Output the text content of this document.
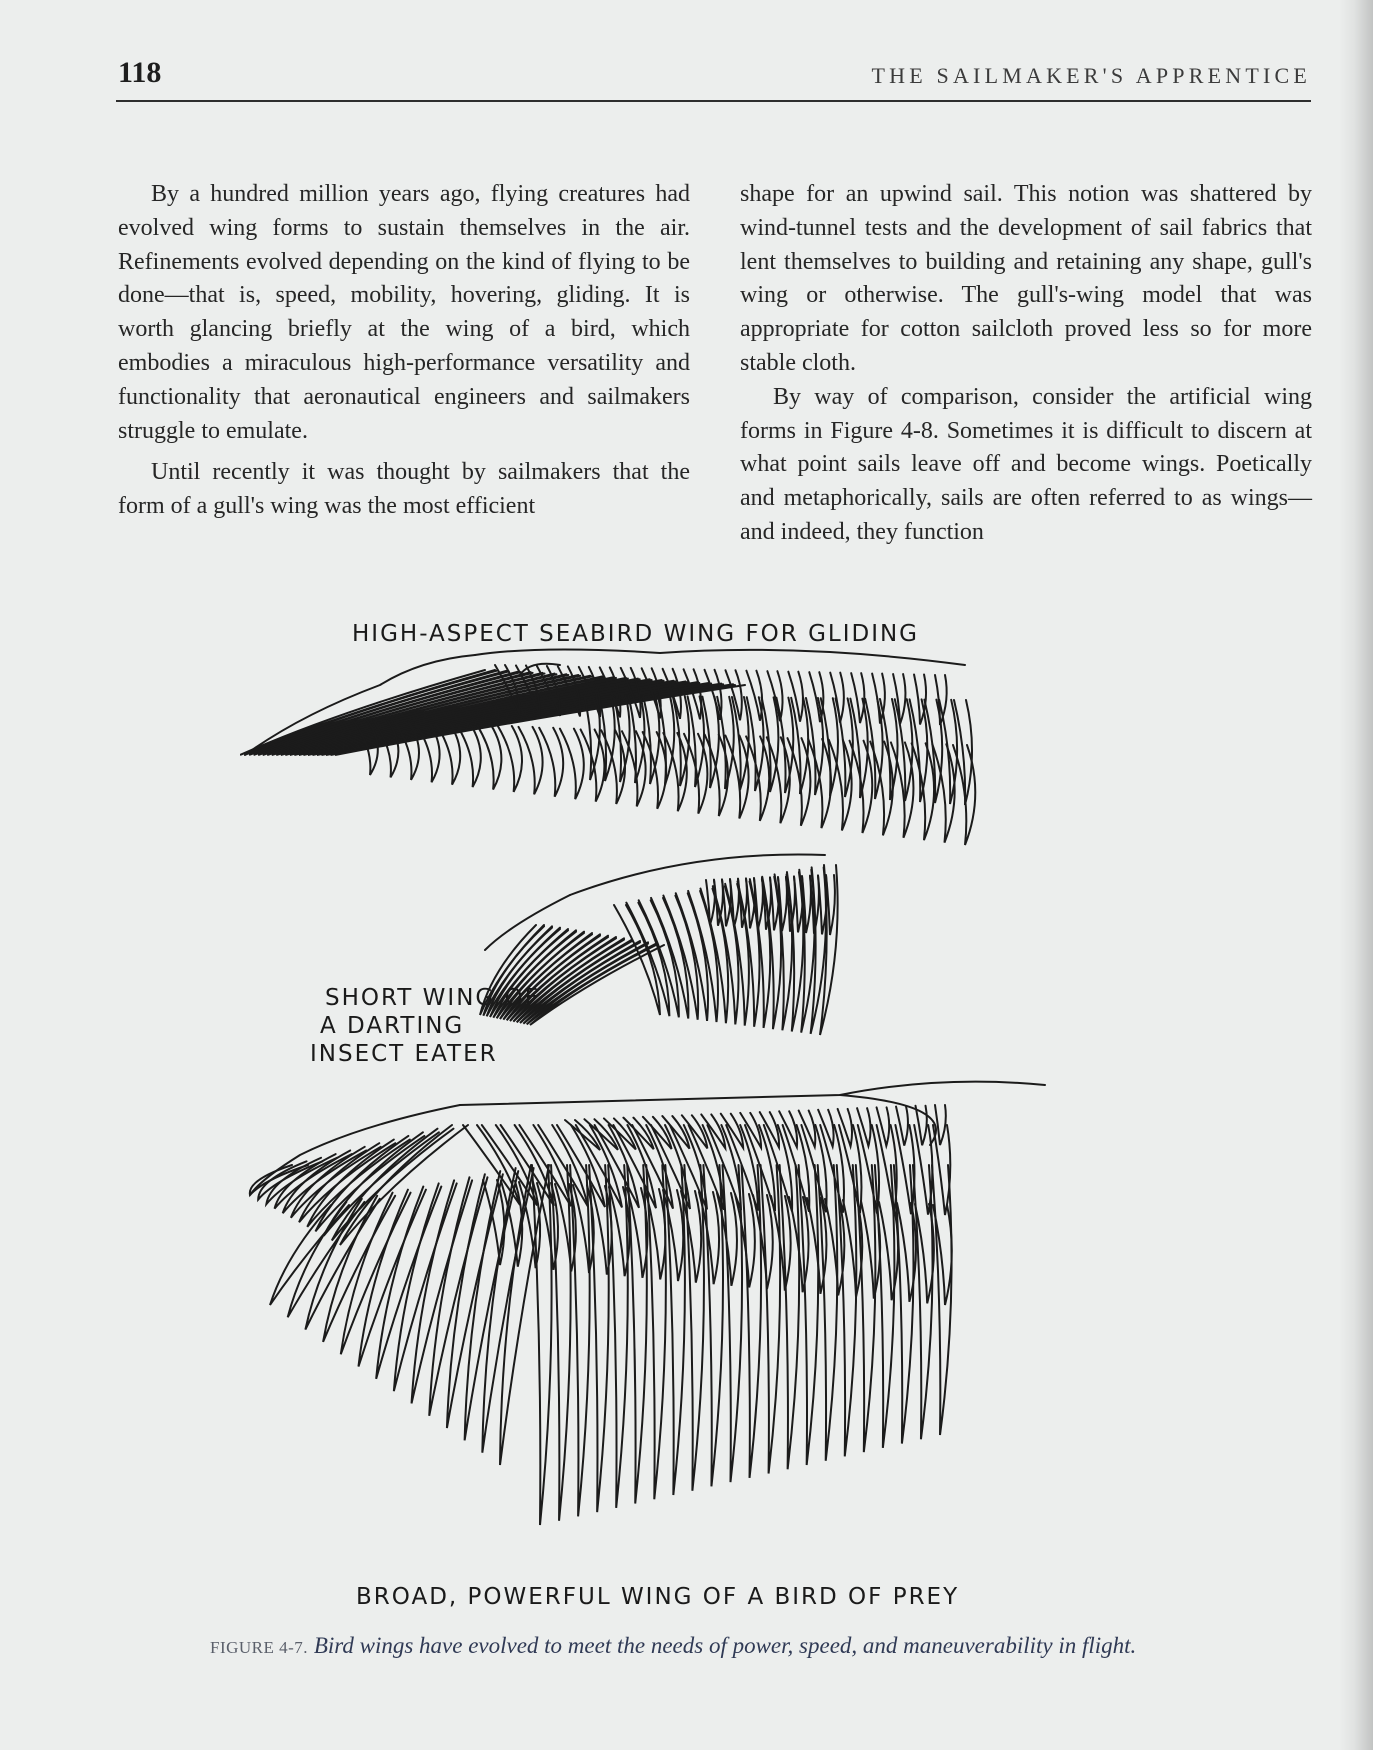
118	THE SAILMAKER'S APPRENTICE

By a hundred million years ago, flying creatures had evolved wing forms to sustain themselves in the air. Refinements evolved depending on the kind of flying to be done—that is, speed, mobility, hovering, gliding. It is worth glancing briefly at the wing of a bird, which embodies a miraculous high-performance versatility and functionality that aeronautical engineers and sailmakers struggle to emulate.

Until recently it was thought by sailmakers that the form of a gull's wing was the most efficient

shape for an upwind sail. This notion was shattered by wind-tunnel tests and the development of sail fabrics that lent themselves to building and retaining any shape, gull's wing or otherwise. The gull's-wing model that was appropriate for cotton sailcloth proved less so for more stable cloth.

By way of comparison, consider the artificial wing forms in Figure 4-8. Sometimes it is difficult to discern at what point sails leave off and become wings. Poetically and metaphorically, sails are often referred to as wings—and indeed, they function

HIGH-ASPECT SEABIRD WING FOR GLIDING
SHORT WING OF
A DARTING
INSECT EATER
BROAD, POWERFUL WING OF A BIRD OF PREY
FIGURE 4-7. Bird wings have evolved to meet the needs of power, speed, and maneuverability in flight.
